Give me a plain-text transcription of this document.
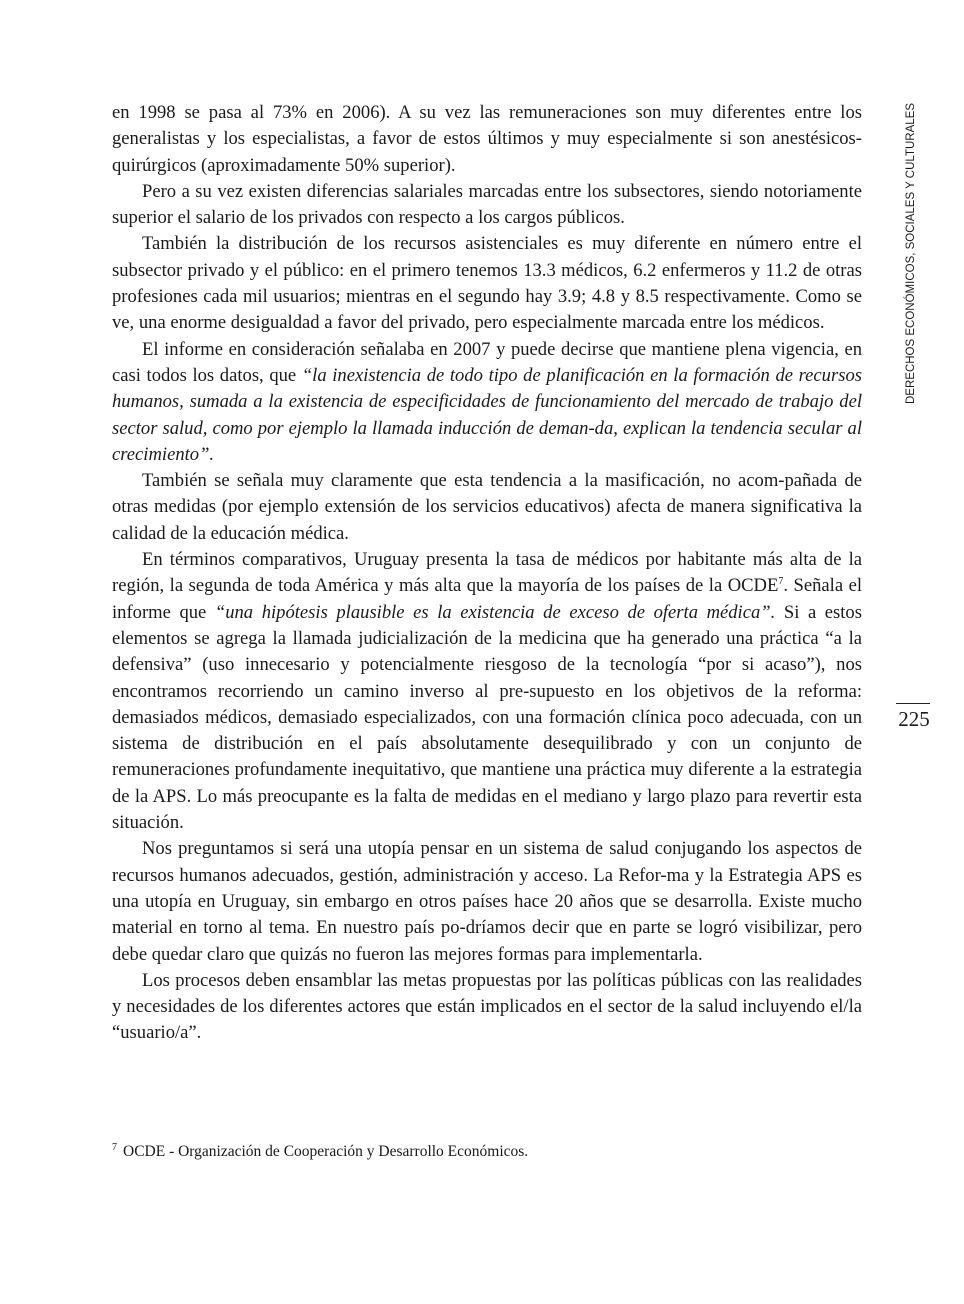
en 1998 se pasa al 73% en 2006). A su vez las remuneraciones son muy diferentes entre los generalistas y los especialistas, a favor de estos últimos y muy especialmente si son anestésicos-quirúrgicos (aproximadamente 50% superior).

Pero a su vez existen diferencias salariales marcadas entre los subsectores, siendo notoriamente superior el salario de los privados con respecto a los cargos públicos.

También la distribución de los recursos asistenciales es muy diferente en número entre el subsector privado y el público: en el primero tenemos 13.3 médicos, 6.2 enfermeros y 11.2 de otras profesiones cada mil usuarios; mientras en el segundo hay 3.9; 4.8 y 8.5 respectivamente. Como se ve, una enorme desigualdad a favor del privado, pero especialmente marcada entre los médicos.

El informe en consideración señalaba en 2007 y puede decirse que mantiene plena vigencia, en casi todos los datos, que “la inexistencia de todo tipo de planificación en la formación de recursos humanos, sumada a la existencia de especificidades de funcionamiento del mercado de trabajo del sector salud, como por ejemplo la llamada inducción de deman-da, explican la tendencia secular al crecimiento”.

También se señala muy claramente que esta tendencia a la masificación, no acom-pañada de otras medidas (por ejemplo extensión de los servicios educativos) afecta de manera significativa la calidad de la educación médica.

En términos comparativos, Uruguay presenta la tasa de médicos por habitante más alta de la región, la segunda de toda América y más alta que la mayoría de los países de la OCDE$^7$. Señala el informe que “una hipótesis plausible es la existencia de exceso de oferta médica”. Si a estos elementos se agrega la llamada judicialización de la medicina que ha generado una práctica “a la defensiva” (uso innecesario y potencialmente riesgoso de la tecnología “por si acaso”), nos encontramos recorriendo un camino inverso al pre-supuesto en los objetivos de la reforma: demasiados médicos, demasiado especializados, con una formación clínica poco adecuada, con un sistema de distribución en el país absolutamente desequilibrado y con un conjunto de remuneraciones profundamente inequitativo, que mantiene una práctica muy diferente a la estrategia de la APS. Lo más preocupante es la falta de medidas en el mediano y largo plazo para revertir esta situación.

Nos preguntamos si será una utopía pensar en un sistema de salud conjugando los aspectos de recursos humanos adecuados, gestión, administración y acceso. La Refor-ma y la Estrategia APS es una utopía en Uruguay, sin embargo en otros países hace 20 años que se desarrolla. Existe mucho material en torno al tema. En nuestro país po-dríamos decir que en parte se logró visibilizar, pero debe quedar claro que quizás no fueron las mejores formas para implementarla.

Los procesos deben ensamblar las metas propuestas por las políticas públicas con las realidades y necesidades de los diferentes actores que están implicados en el sector de la salud incluyendo el/la “usuario/a”.

$^7$ OCDE - Organización de Cooperación y Desarrollo Económicos.
DERECHOS ECONÓMICOS, SOCIALES Y CULTURALES
225
